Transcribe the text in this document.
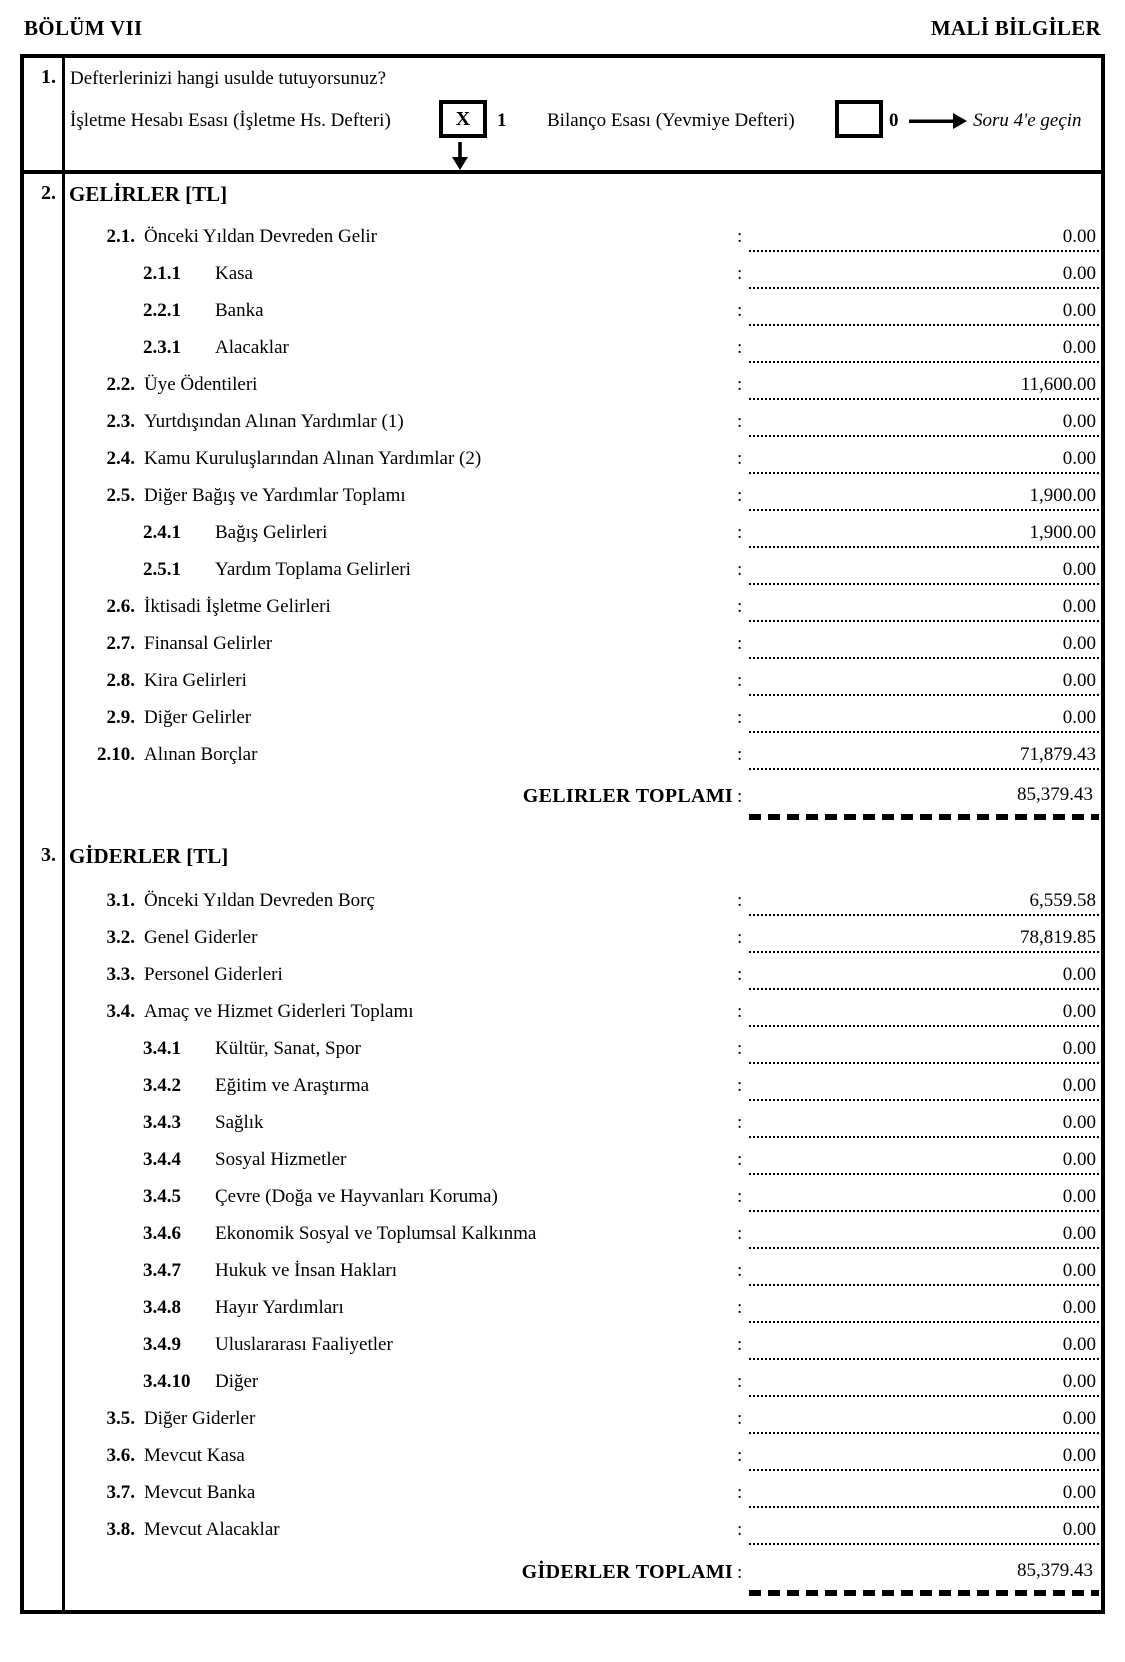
BÖLÜM VII	MALİ BİLGİLER
1.
2.
3.
Defterlerinizi hangi usulde tutuyorsunuz?
İşletme Hesabı Esası (İşletme Hs. Defteri)	X	1 Bilanço Esası (Yevmiye Defteri)	0	Soru 4'e geçin
GELİRLER [TL]
2.1. Önceki Yıldan Devreden Gelir	:	0.00
2.1.1	Kasa	:	0.00
2.2.1	Banka	:	0.00
2.3.1	Alacaklar	:	0.00
2.2. Üye Ödentileri	:	11,600.00
2.3. Yurtdışından Alınan Yardımlar (1)	:	0.00
2.4. Kamu Kuruluşlarından Alınan Yardımlar (2)	:	0.00
2.5. Diğer Bağış ve Yardımlar Toplamı	:	1,900.00
2.4.1	Bağış Gelirleri	:	1,900.00
2.5.1	Yardım Toplama Gelirleri	:	0.00
2.6. İktisadi İşletme Gelirleri	:	0.00
2.7. Finansal Gelirler	:	0.00
2.8. Kira Gelirleri	:	0.00
2.9. Diğer Gelirler	:	0.00
2.10. Alınan Borçlar	:	71,879.43
GELIRLER TOPLAMI :	85,379.43
GİDERLER [TL]
3.1. Önceki Yıldan Devreden Borç	:	6,559.58
3.2. Genel Giderler	:	78,819.85
3.3. Personel Giderleri	:	0.00
3.4. Amaç ve Hizmet Giderleri Toplamı	:	0.00
3.4.1	Kültür, Sanat, Spor	:	0.00
3.4.2	Eğitim ve Araştırma	:	0.00
3.4.3	Sağlık	:	0.00
3.4.4	Sosyal Hizmetler	:	0.00
3.4.5	Çevre (Doğa ve Hayvanları Koruma)	:	0.00
3.4.6	Ekonomik Sosyal ve Toplumsal Kalkınma	:	0.00
3.4.7	Hukuk ve İnsan Hakları	:	0.00
3.4.8	Hayır Yardımları	:	0.00
3.4.9	Uluslararası Faaliyetler	:	0.00
3.4.10	Diğer	:	0.00
3.5. Diğer Giderler	:	0.00
3.6. Mevcut Kasa	:	0.00
3.7. Mevcut Banka	:	0.00
3.8. Mevcut Alacaklar	:	0.00
GİDERLER TOPLAMI :	85,379.43
